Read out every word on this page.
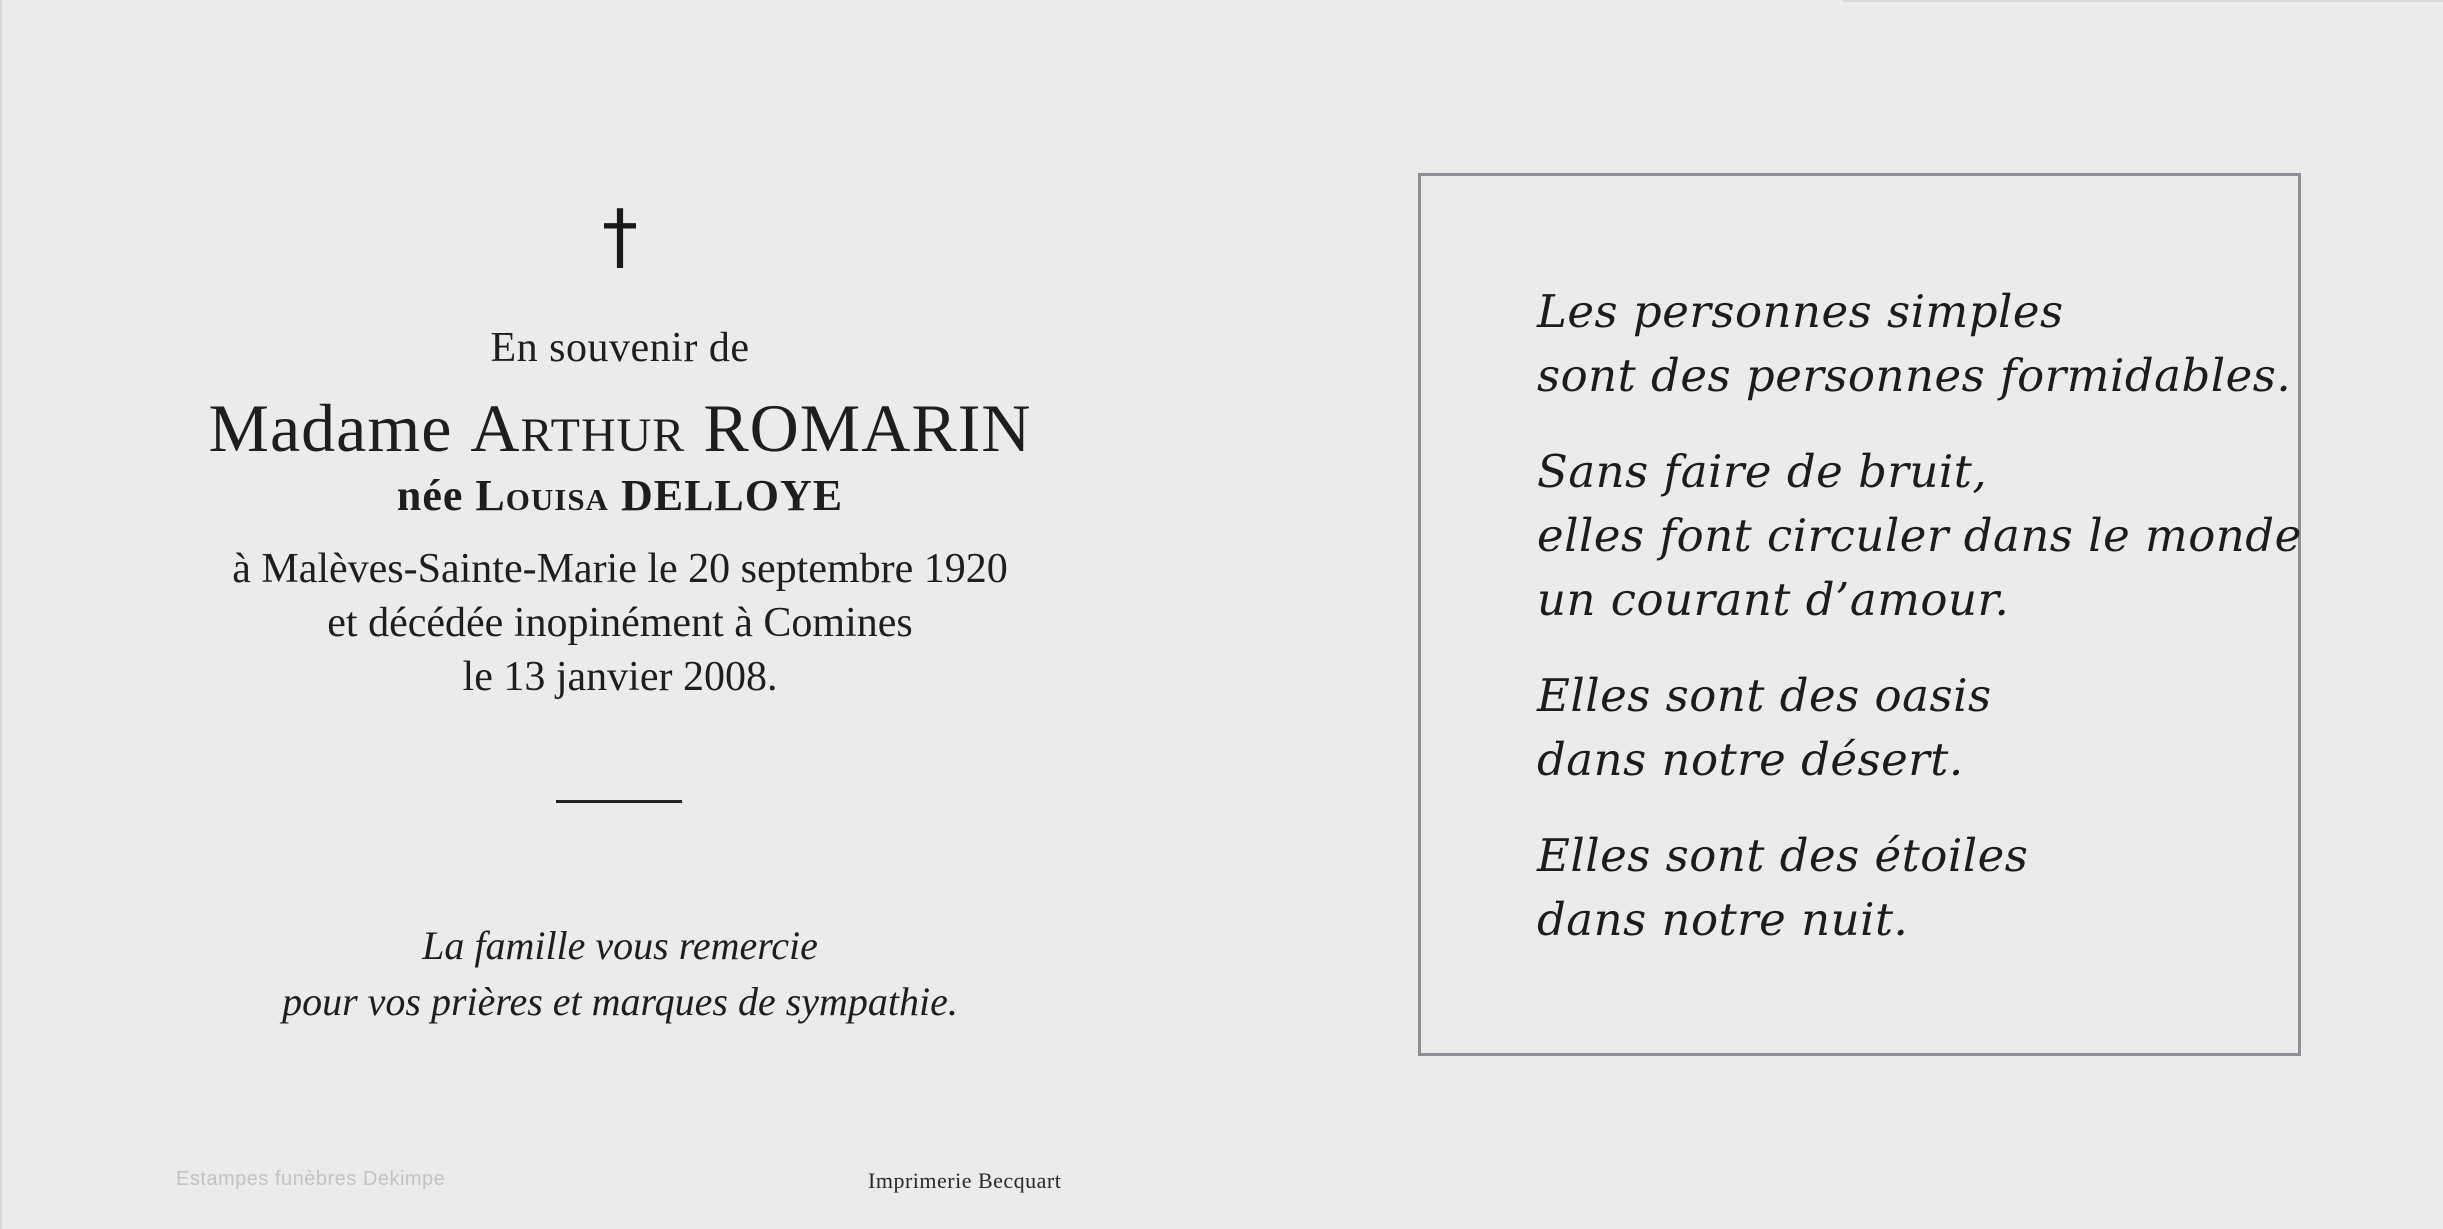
†
En souvenir de
Madame Arthur ROMARIN
née Louisa DELLOYE
à Malèves-Sainte-Marie le 20 septembre 1920
et décédée inopinément à Comines
le 13 janvier 2008.
La famille vous remercie
pour vos prières et marques de sympathie.
Estampes funèbres Dekimpe	Imprimerie Becquart
Les personnes simples
sont des personnes formidables.
Sans faire de bruit,
elles font circuler dans le monde
un courant d’amour.
Elles sont des oasis
dans notre désert.
Elles sont des étoiles
dans notre nuit.
